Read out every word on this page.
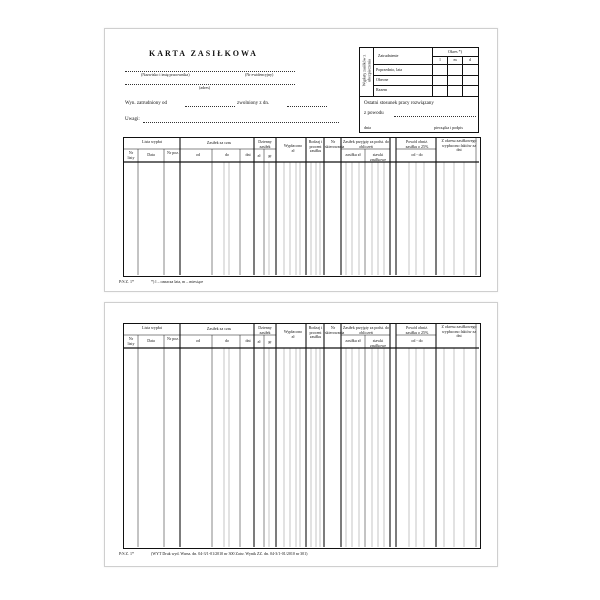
KARTA ZASIŁKOWA
(Nazwisko i imię pracownika)	(Nr ewidencyjny)
(adres)
Wyn. zatrudniony od	zwolniony z dn.
Uwagi:
Wypłaty zasiłków z ubezpieczenia
Zatrudnienie
Poprzednio, lata
Obecne
Razem
Okres *)
l	m	d
Ostatni stosunek pracy rozwiązany
z powodu
dnia	pieczątka i podpis
Lista wypłat
Nr listy	Data	Nr poz.
Zasiłek za czas
od	do	dni
Dzienny zasiłek
zł	gr
Wypłacono zł
Rodzaj i procent zasiłku
Nr skierowania
Zasiłek przyjęty za podst. do obliczeń
zasiłku zł	stawki zasiłkowe
Powód obniż. zasiłku o 25%
od - do
Z okresu zasiłkowego wypłacono faktów za dni
P/S Z. 1*	*) l – oznacza lata, m – miesiące
Lista wypłat
Nr listy	Data	Nr poz.
Zasiłek za czas
od	do	dni
Dzienny zasiłek
zł	gr
Wypłacono zł
Rodzaj i procent zasiłku
Nr skierowania
Zasiłek przyjęty za podst. do obliczeń
zasiłku zł	stawki zasiłkowe
Powód obniż. zasiłku o 25%
od - do
Z okresu zasiłkowego wypłacono faktów za dni
P/S Z. 1*	(WYT Druk wyd. Warsz. dn. 04-3/1-01/2010 nr 300 Zatw. Wynik ZZ. dn. 04-3/1-01/2010 nr 301)
